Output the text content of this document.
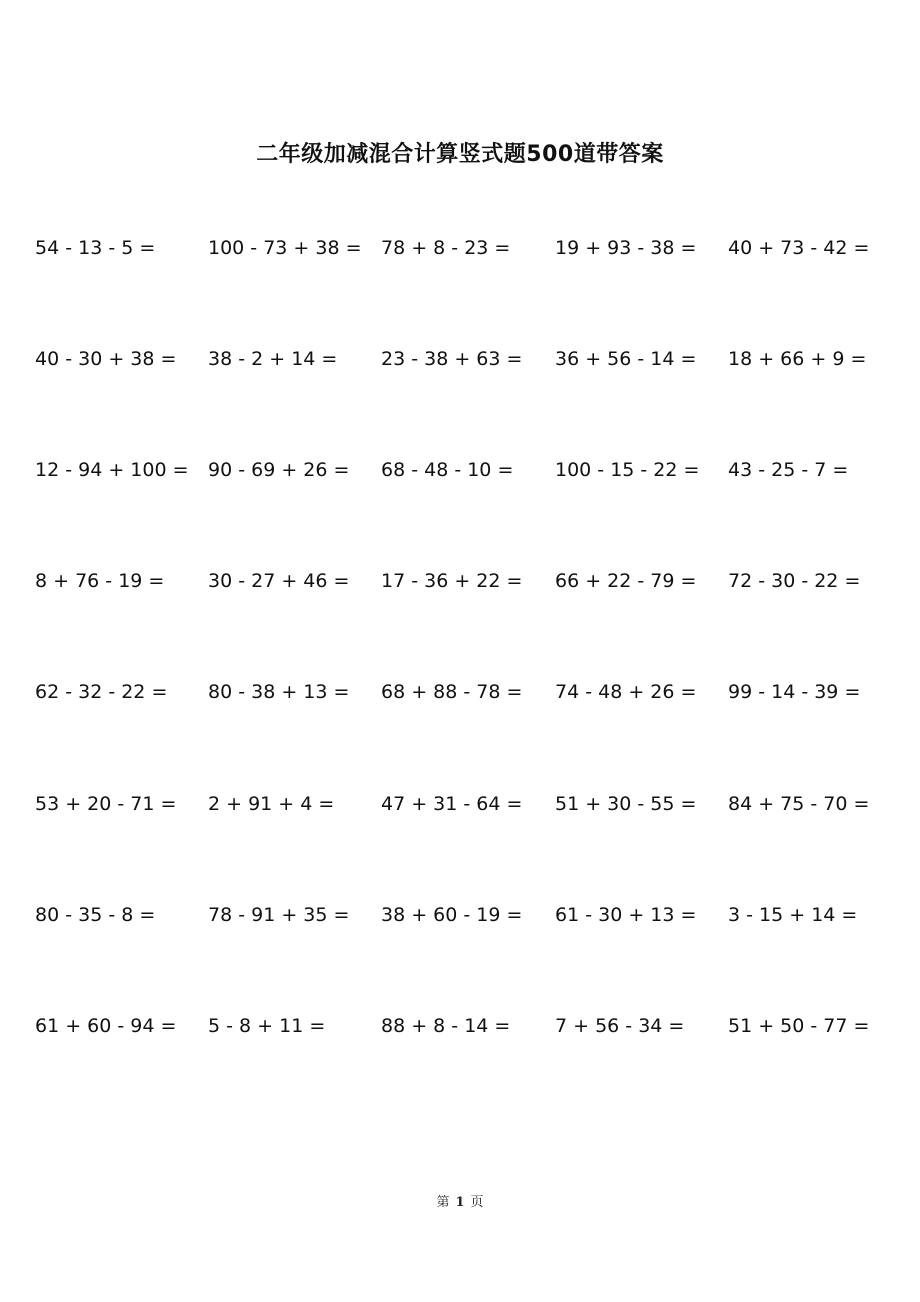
二年级加减混合计算竖式题500道带答案
54 - 13 - 5 =	100 - 73 + 38 =	78 + 8 - 23 =	19 + 93 - 38 =	40 + 73 - 42 =
40 - 30 + 38 =	38 - 2 + 14 =	23 - 38 + 63 =	36 + 56 - 14 =	18 + 66 + 9 =
12 - 94 + 100 =	90 - 69 + 26 =	68 - 48 - 10 =	100 - 15 - 22 =	43 - 25 - 7 =
8 + 76 - 19 =	30 - 27 + 46 =	17 - 36 + 22 =	66 + 22 - 79 =	72 - 30 - 22 =
62 - 32 - 22 =	80 - 38 + 13 =	68 + 88 - 78 =	74 - 48 + 26 =	99 - 14 - 39 =
53 + 20 - 71 =	2 + 91 + 4 =	47 + 31 - 64 =	51 + 30 - 55 =	84 + 75 - 70 =
80 - 35 - 8 =	78 - 91 + 35 =	38 + 60 - 19 =	61 - 30 + 13 =	3 - 15 + 14 =
61 + 60 - 94 =	5 - 8 + 11 =	88 + 8 - 14 =	7 + 56 - 34 =	51 + 50 - 77 =
第 1 页
